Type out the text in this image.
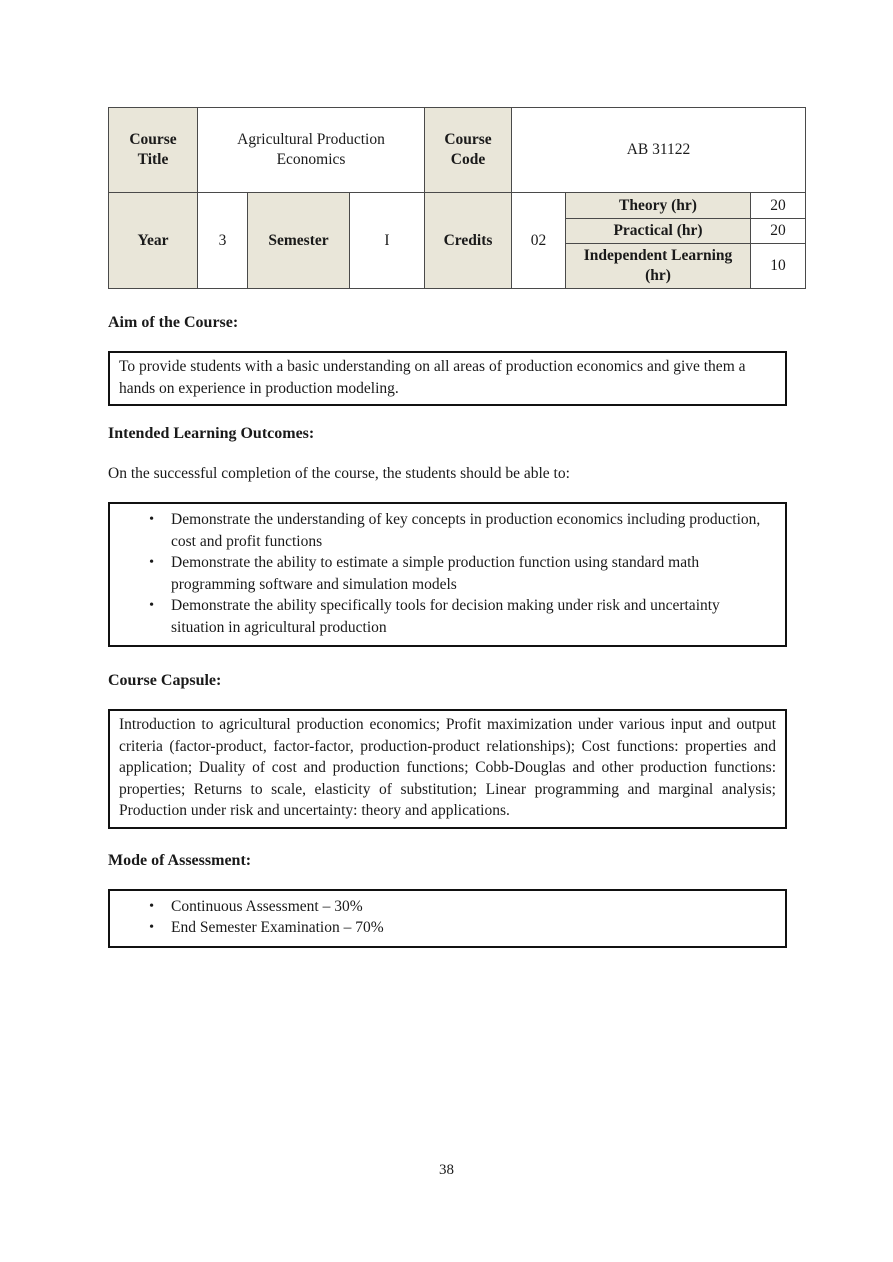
Course Title	Agricultural Production Economics			Course Code	AB 31122		
Year	3	Semester	I	Credits	02	Theory (hr)	20
						Practical (hr)	20
						Independent Learning (hr)	10

Aim of the Course:

To provide students with a basic understanding on all areas of production economics and give them a hands on experience in production modeling.

Intended Learning Outcomes:

On the successful completion of the course, the students should be able to:

•	Demonstrate the understanding of key concepts in production economics including production, cost and profit functions
•	Demonstrate the ability to estimate a simple production function using standard math programming software and simulation models
•	Demonstrate the ability specifically tools for decision making under risk and uncertainty situation in agricultural production

Course Capsule:

Introduction to agricultural production economics; Profit maximization under various input and output criteria (factor-product, factor-factor, production-product relationships); Cost functions: properties and application; Duality of cost and production functions; Cobb-Douglas and other production functions: properties; Returns to scale, elasticity of substitution; Linear programming and marginal analysis; Production under risk and uncertainty: theory and applications.

Mode of Assessment:

•	Continuous Assessment – 30%
•	End Semester Examination – 70%
38
